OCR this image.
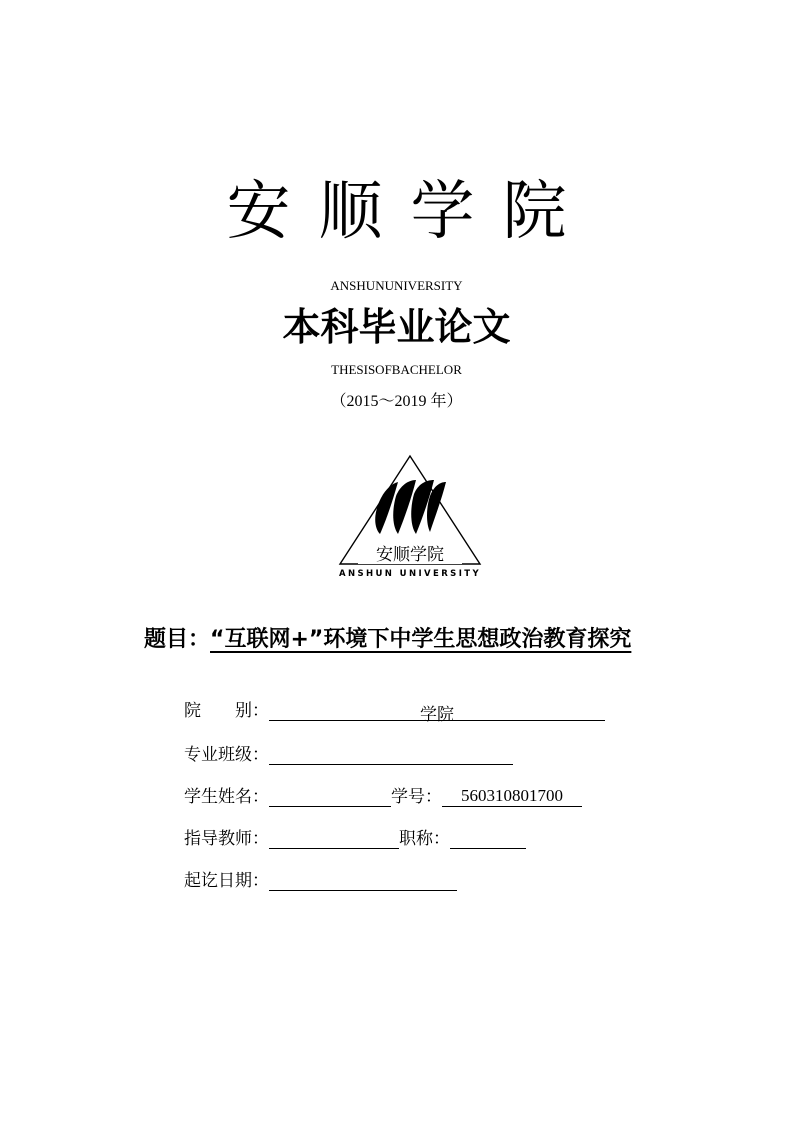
安顺学院
ANSHUNUNIVERSITY
本科毕业论文
THESISOFBACHELOR
（2015～2019 年）
安顺学院
ANSHUN UNIVERSITY
题目：“互联网+”环境下中学生思想政治教育探究
院　　别：	学院
专业班级：
学生姓名：	学号： 560310801700
指导教师：	职称：
起讫日期：
